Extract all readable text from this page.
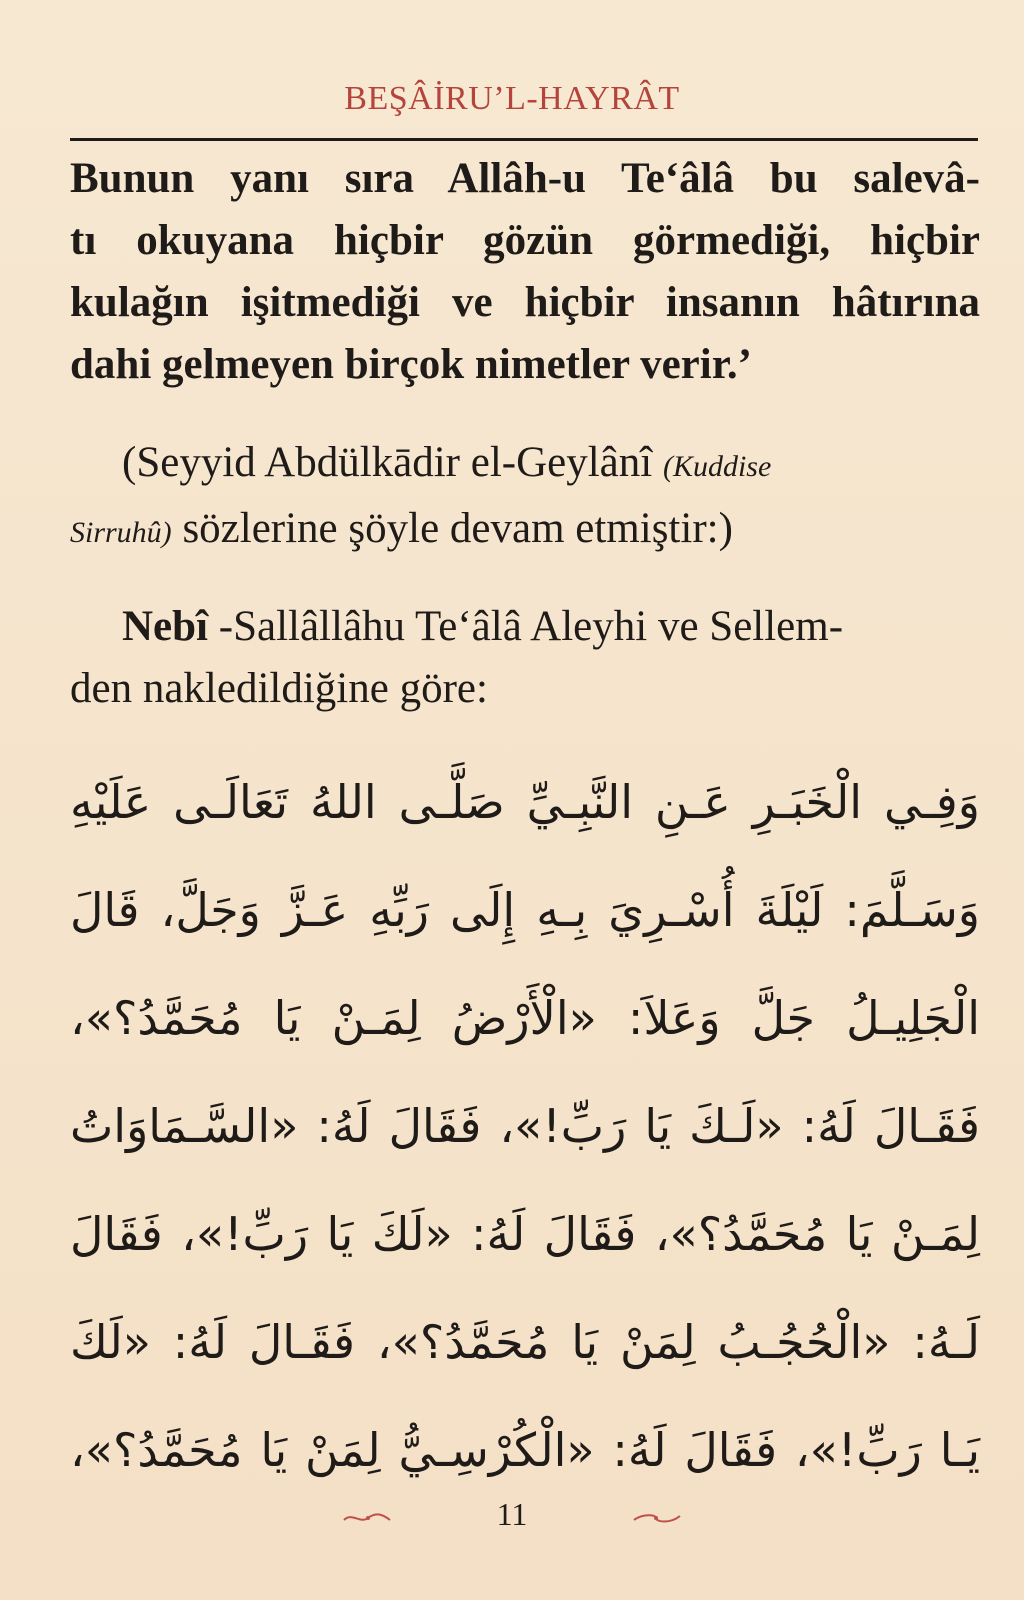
BEŞÂİRU’L-HAYRÂT
Bunun yanı sıra Allâh-u Te‘âlâ bu salevâ-
tı okuyana hiçbir gözün görmediği, hiçbir
kulağın işitmediği ve hiçbir insanın hâtırına
dahi gelmeyen birçok nimetler verir.’
(Seyyid Abdülkādir el-Geylânî (Kuddise
Sirruhû) sözlerine şöyle devam etmiştir:)
Nebî -Sallâllâhu Te‘âlâ Aleyhi ve Sellem-
den nakledildiğine göre:
وَفِـي الْخَبَـرِ عَـنِ النَّبِـيِّ صَلَّـى اللهُ تَعَالَـى عَلَيْهِ
وَسَـلَّمَ: لَيْلَةَ أُسْـرِيَ بِـهِ إِلَى رَبِّهِ عَـزَّ وَجَلَّ، قَالَ
الْجَلِيـلُ جَلَّ وَعَلاَ: «الْأَرْضُ لِمَـنْ يَا مُحَمَّدُ؟»،
فَقَـالَ لَهُ: «لَـكَ يَا رَبِّ!»، فَقَالَ لَهُ: «السَّـمَاوَاتُ
لِمَـنْ يَا مُحَمَّدُ؟»، فَقَالَ لَهُ: «لَكَ يَا رَبِّ!»، فَقَالَ
لَـهُ: «الْحُجُـبُ لِمَنْ يَا مُحَمَّدُ؟»، فَقَـالَ لَهُ: «لَكَ
يَـا رَبِّ!»، فَقَالَ لَهُ: «الْكُرْسِـيُّ لِمَنْ يَا مُحَمَّدُ؟»،
11
